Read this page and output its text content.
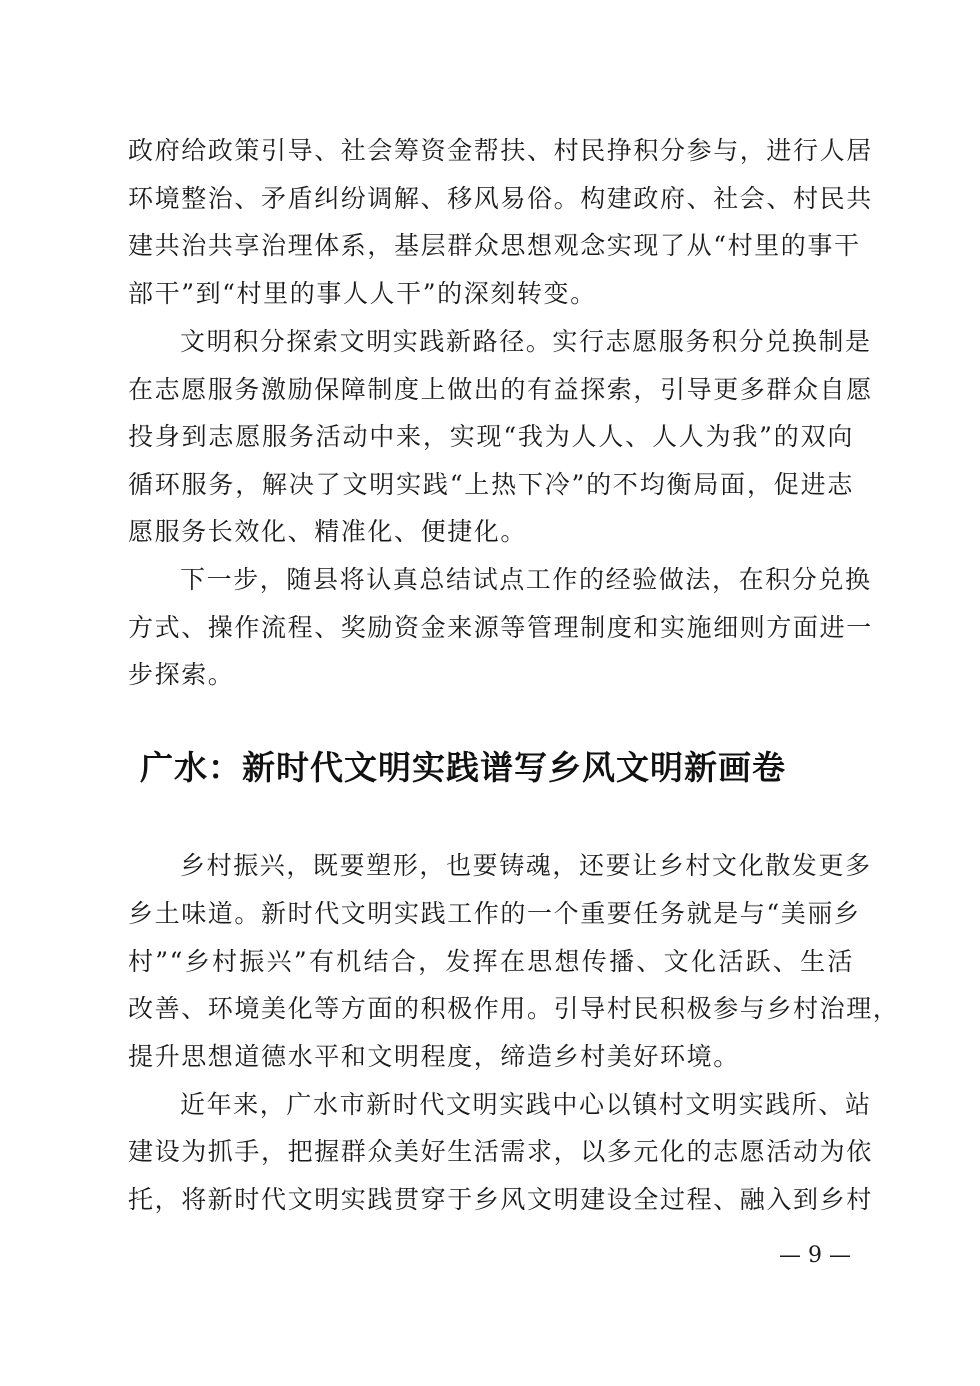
政府给政策引导、社会筹资金帮扶、村民挣积分参与，进行人居
环境整治、矛盾纠纷调解、移风易俗。构建政府、社会、村民共
建共治共享治理体系，基层群众思想观念实现了从“村里的事干
部干”到“村里的事人人干”的深刻转变。
文明积分探索文明实践新路径。实行志愿服务积分兑换制是
在志愿服务激励保障制度上做出的有益探索，引导更多群众自愿
投身到志愿服务活动中来，实现“我为人人、人人为我”的双向
循环服务，解决了文明实践“上热下冷”的不均衡局面，促进志
愿服务长效化、精准化、便捷化。
下一步，随县将认真总结试点工作的经验做法，在积分兑换
方式、操作流程、奖励资金来源等管理制度和实施细则方面进一
步探索。
广水：新时代文明实践谱写乡风文明新画卷
乡村振兴，既要塑形，也要铸魂，还要让乡村文化散发更多
乡土味道。新时代文明实践工作的一个重要任务就是与“美丽乡
村”“乡村振兴”有机结合，发挥在思想传播、文化活跃、生活
改善、环境美化等方面的积极作用。引导村民积极参与乡村治理，
提升思想道德水平和文明程度，缔造乡村美好环境。
近年来，广水市新时代文明实践中心以镇村文明实践所、站
建设为抓手，把握群众美好生活需求，以多元化的志愿活动为依
托，将新时代文明实践贯穿于乡风文明建设全过程、融入到乡村
— 9 —
